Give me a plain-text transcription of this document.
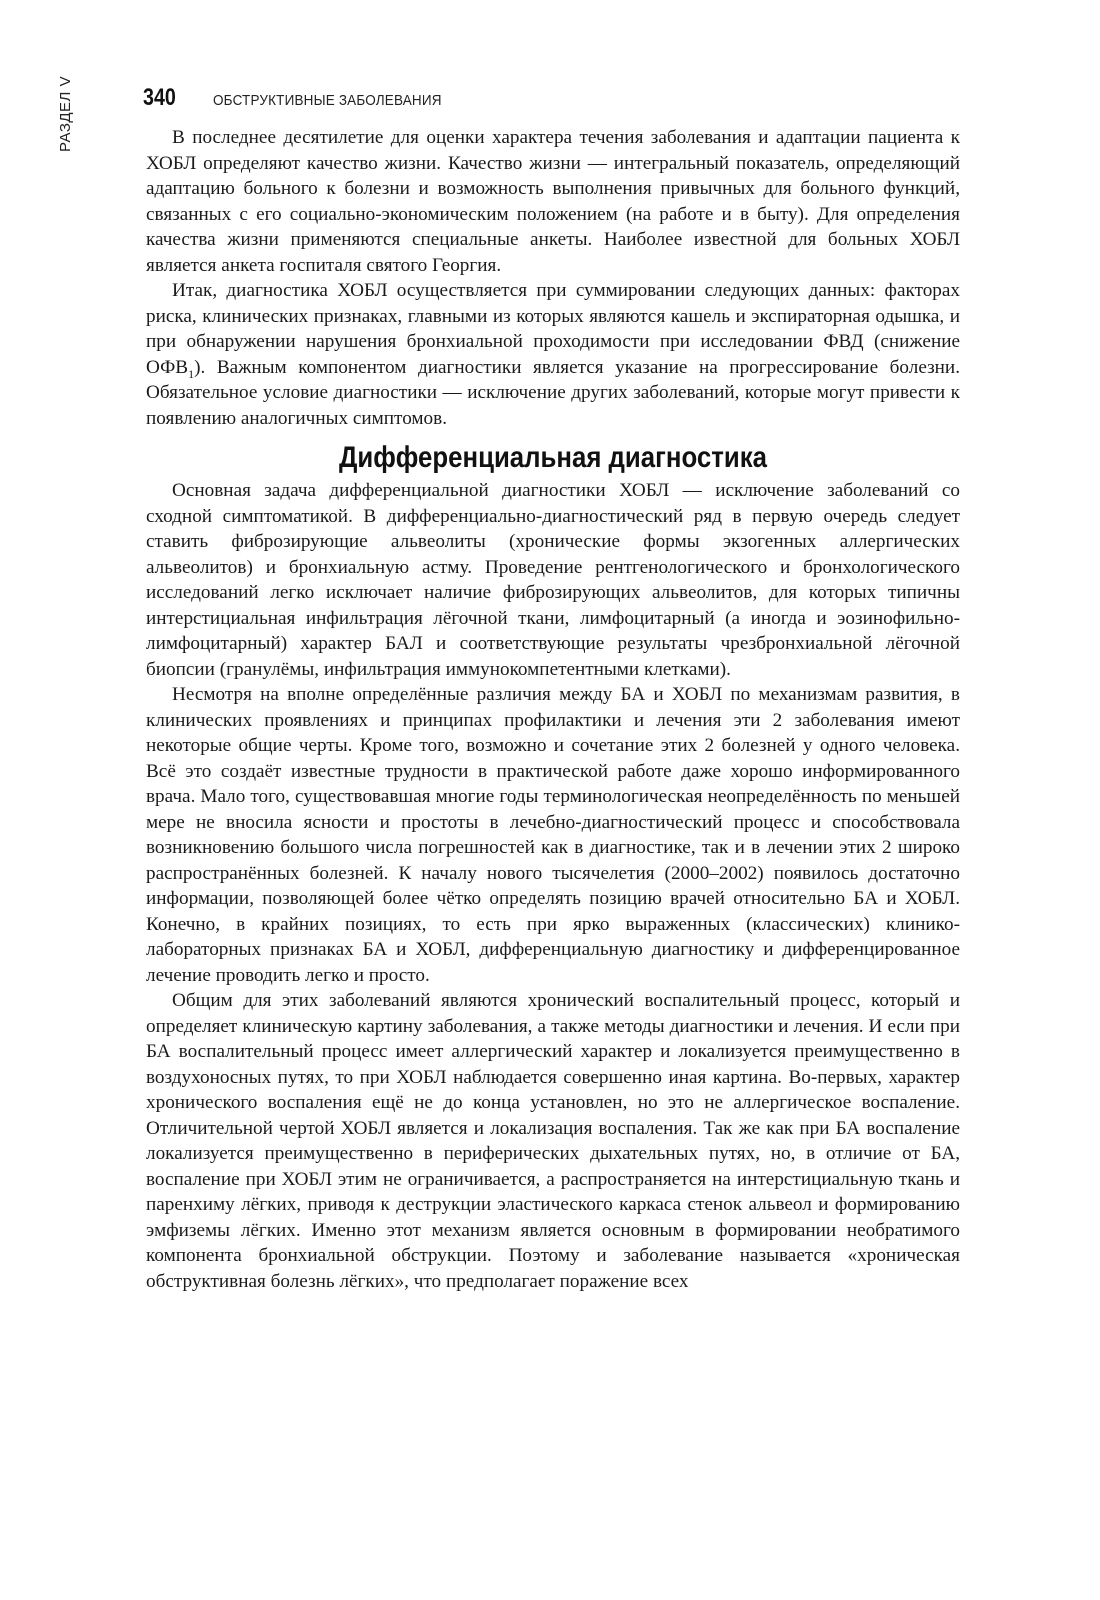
РАЗДЕЛ V	340 ОБСТРУКТИВНЫЕ ЗАБОЛЕВАНИЯ

В последнее десятилетие для оценки характера течения заболевания и адаптации пациента к ХОБЛ определяют качество жизни. Качество жизни — интегральный показатель, определяющий адаптацию больного к болезни и возможность выполнения привычных для больного функций, связанных с его социально-экономическим положением (на работе и в быту). Для определения качества жизни применяются специальные анкеты. Наиболее известной для больных ХОБЛ является анкета госпиталя святого Георгия.

Итак, диагностика ХОБЛ осуществляется при суммировании следующих данных: факторах риска, клинических признаках, главными из которых являются кашель и экспираторная одышка, и при обнаружении нарушения бронхиальной проходимости при исследовании ФВД (снижение $ОФВ_1$). Важным компонентом диагностики является указание на прогрессирование болезни. Обязательное условие диагностики — исключение других заболеваний, которые могут привести к появлению аналогичных симптомов.

Дифференциальная диагностика

Основная задача дифференциальной диагностики ХОБЛ — исключение заболеваний со сходной симптоматикой. В дифференциально-диагностический ряд в первую очередь следует ставить фиброзирующие альвеолиты (хронические формы экзогенных аллергических альвеолитов) и бронхиальную астму. Проведение рентгенологического и бронхологического исследований легко исключает наличие фиброзирующих альвеолитов, для которых типичны интерстициальная инфильтрация лёгочной ткани, лимфоцитарный (а иногда и эозинофильно-лимфоцитарный) характер БАЛ и соответствующие результаты чрезбронхиальной лёгочной биопсии (гранулёмы, инфильтрация иммунокомпетентными клетками).

Несмотря на вполне определённые различия между БА и ХОБЛ по механизмам развития, в клинических проявлениях и принципах профилактики и лечения эти 2 заболевания имеют некоторые общие черты. Кроме того, возможно и сочетание этих 2 болезней у одного человека. Всё это создаёт известные трудности в практической работе даже хорошо информированного врача. Мало того, существовавшая многие годы терминологическая неопределённость по меньшей мере не вносила ясности и простоты в лечебно-диагностический процесс и способствовала возникновению большого числа погрешностей как в диагностике, так и в лечении этих 2 широко распространённых болезней. К началу нового тысячелетия (2000–2002) появилось достаточно информации, позволяющей более чётко определять позицию врачей относительно БА и ХОБЛ. Конечно, в крайних позициях, то есть при ярко выраженных (классических) клинико-лабораторных признаках БА и ХОБЛ, дифференциальную диагностику и дифференцированное лечение проводить легко и просто.

Общим для этих заболеваний являются хронический воспалительный процесс, который и определяет клиническую картину заболевания, а также методы диагностики и лечения. И если при БА воспалительный процесс имеет аллергический характер и локализуется преимущественно в воздухоносных путях, то при ХОБЛ наблюдается совершенно иная картина. Во-первых, характер хронического воспаления ещё не до конца установлен, но это не аллергическое воспаление. Отличительной чертой ХОБЛ является и локализация воспаления. Так же как при БА воспаление локализуется преимущественно в периферических дыхательных путях, но, в отличие от БА, воспаление при ХОБЛ этим не ограничивается, а распространяется на интерстициальную ткань и паренхиму лёгких, приводя к деструкции эластического каркаса стенок альвеол и формированию эмфиземы лёгких. Именно этот механизм является основным в формировании необратимого компонента бронхиальной обструкции. Поэтому и заболевание называется «хроническая обструктивная болезнь лёгких», что предполагает поражение всех
